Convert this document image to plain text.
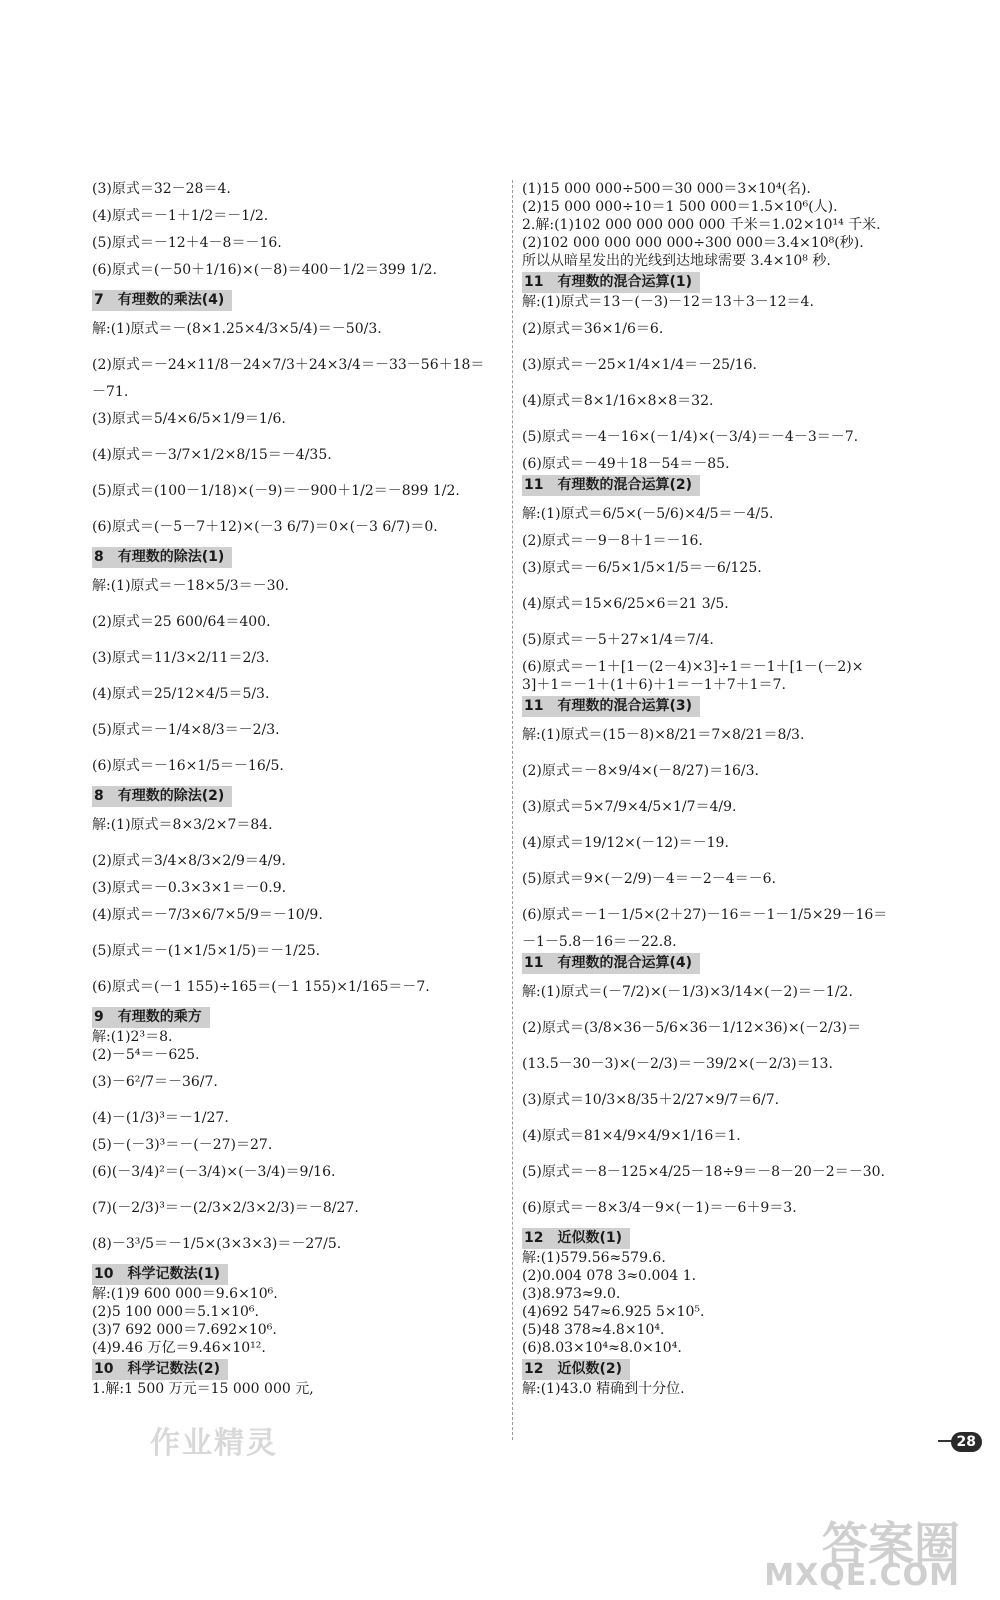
(3)原式＝32－28＝4.
(4)原式＝－1＋1/2＝－1/2.
(5)原式＝－12＋4－8＝－16.
(6)原式＝(－50＋1/16)×(－8)＝400－1/2＝399 1/2.
7 有理数的乘法(4)
解:(1)原式＝－(8×1.25×4/3×5/4)＝－50/3.
(2)原式＝－24×11/8－24×7/3＋24×3/4＝－33－56＋18＝
－71.
(3)原式＝5/4×6/5×1/9＝1/6.
(4)原式＝－3/7×1/2×8/15＝－4/35.
(5)原式＝(100－1/18)×(－9)＝－900＋1/2＝－899 1/2.
(6)原式＝(－5－7＋12)×(－3 6/7)＝0×(－3 6/7)＝0.
8 有理数的除法(1)
解:(1)原式＝－18×5/3＝－30.
(2)原式＝25 600/64＝400.
(3)原式＝11/3×2/11＝2/3.
(4)原式＝25/12×4/5＝5/3.
(5)原式＝－1/4×8/3＝－2/3.
(6)原式＝－16×1/5＝－16/5.
8 有理数的除法(2)
解:(1)原式＝8×3/2×7＝84.
(2)原式＝3/4×8/3×2/9＝4/9.
(3)原式＝－0.3×3×1＝－0.9.
(4)原式＝－7/3×6/7×5/9＝－10/9.
(5)原式＝－(1×1/5×1/5)＝－1/25.
(6)原式＝(－1 155)÷165＝(－1 155)×1/165＝－7.
9 有理数的乘方
解:(1)2³＝8.
(2)－5⁴＝－625.
(3)－6²/7＝－36/7.
(4)－(1/3)³＝－1/27.
(5)－(－3)³＝－(－27)＝27.
(6)(－3/4)²＝(－3/4)×(－3/4)＝9/16.
(7)(－2/3)³＝－(2/3×2/3×2/3)＝－8/27.
(8)－3³/5＝－1/5×(3×3×3)＝－27/5.
10 科学记数法(1)
解:(1)9 600 000＝9.6×10⁶.
(2)5 100 000＝5.1×10⁶.
(3)7 692 000＝7.692×10⁶.
(4)9.46 万亿＝9.46×10¹².
10 科学记数法(2)
1.解:1 500 万元＝15 000 000 元,
(1)15 000 000÷500＝30 000＝3×10⁴(名).
(2)15 000 000÷10＝1 500 000＝1.5×10⁶(人).
2.解:(1)102 000 000 000 000 千米＝1.02×10¹⁴ 千米.
(2)102 000 000 000 000÷300 000＝3.4×10⁸(秒).
所以从暗星发出的光线到达地球需要 3.4×10⁸ 秒.
11 有理数的混合运算(1)
解:(1)原式＝13－(－3)－12＝13＋3－12＝4.
(2)原式＝36×1/6＝6.
(3)原式＝－25×1/4×1/4＝－25/16.
(4)原式＝8×1/16×8×8＝32.
(5)原式＝－4－16×(－1/4)×(－3/4)＝－4－3＝－7.
(6)原式＝－49＋18－54＝－85.
11 有理数的混合运算(2)
解:(1)原式＝6/5×(－5/6)×4/5＝－4/5.
(2)原式＝－9－8＋1＝－16.
(3)原式＝－6/5×1/5×1/5＝－6/125.
(4)原式＝15×6/25×6＝21 3/5.
(5)原式＝－5＋27×1/4＝7/4.
(6)原式＝－1＋[1－(2－4)×3]÷1＝－1＋[1－(－2)×
3]＋1＝－1＋(1＋6)＋1＝－1＋7＋1＝7.
11 有理数的混合运算(3)
解:(1)原式＝(15－8)×8/21＝7×8/21＝8/3.
(2)原式＝－8×9/4×(－8/27)＝16/3.
(3)原式＝5×7/9×4/5×1/7＝4/9.
(4)原式＝19/12×(－12)＝－19.
(5)原式＝9×(－2/9)－4＝－2－4＝－6.
(6)原式＝－1－1/5×(2＋27)－16＝－1－1/5×29－16＝
－1－5.8－16＝－22.8.
11 有理数的混合运算(4)
解:(1)原式＝(－7/2)×(－1/3)×3/14×(－2)＝－1/2.
(2)原式＝(3/8×36－5/6×36－1/12×36)×(－2/3)＝
(13.5－30－3)×(－2/3)＝－39/2×(－2/3)＝13.
(3)原式＝10/3×8/35＋2/27×9/7＝6/7.
(4)原式＝81×4/9×4/9×1/16＝1.
(5)原式＝－8－125×4/25－18÷9＝－8－20－2＝－30.
(6)原式＝－8×3/4－9×(－1)＝－6＋9＝3.
12 近似数(1)
解:(1)579.56≈579.6.
(2)0.004 078 3≈0.004 1.
(3)8.973≈9.0.
(4)692 547≈6.925 5×10⁵.
(5)48 378≈4.8×10⁴.
(6)8.03×10⁴≈8.0×10⁴.
12 近似数(2)
解:(1)43.0 精确到十分位.
28
作业精灵
答案圈
MXQE.COM
